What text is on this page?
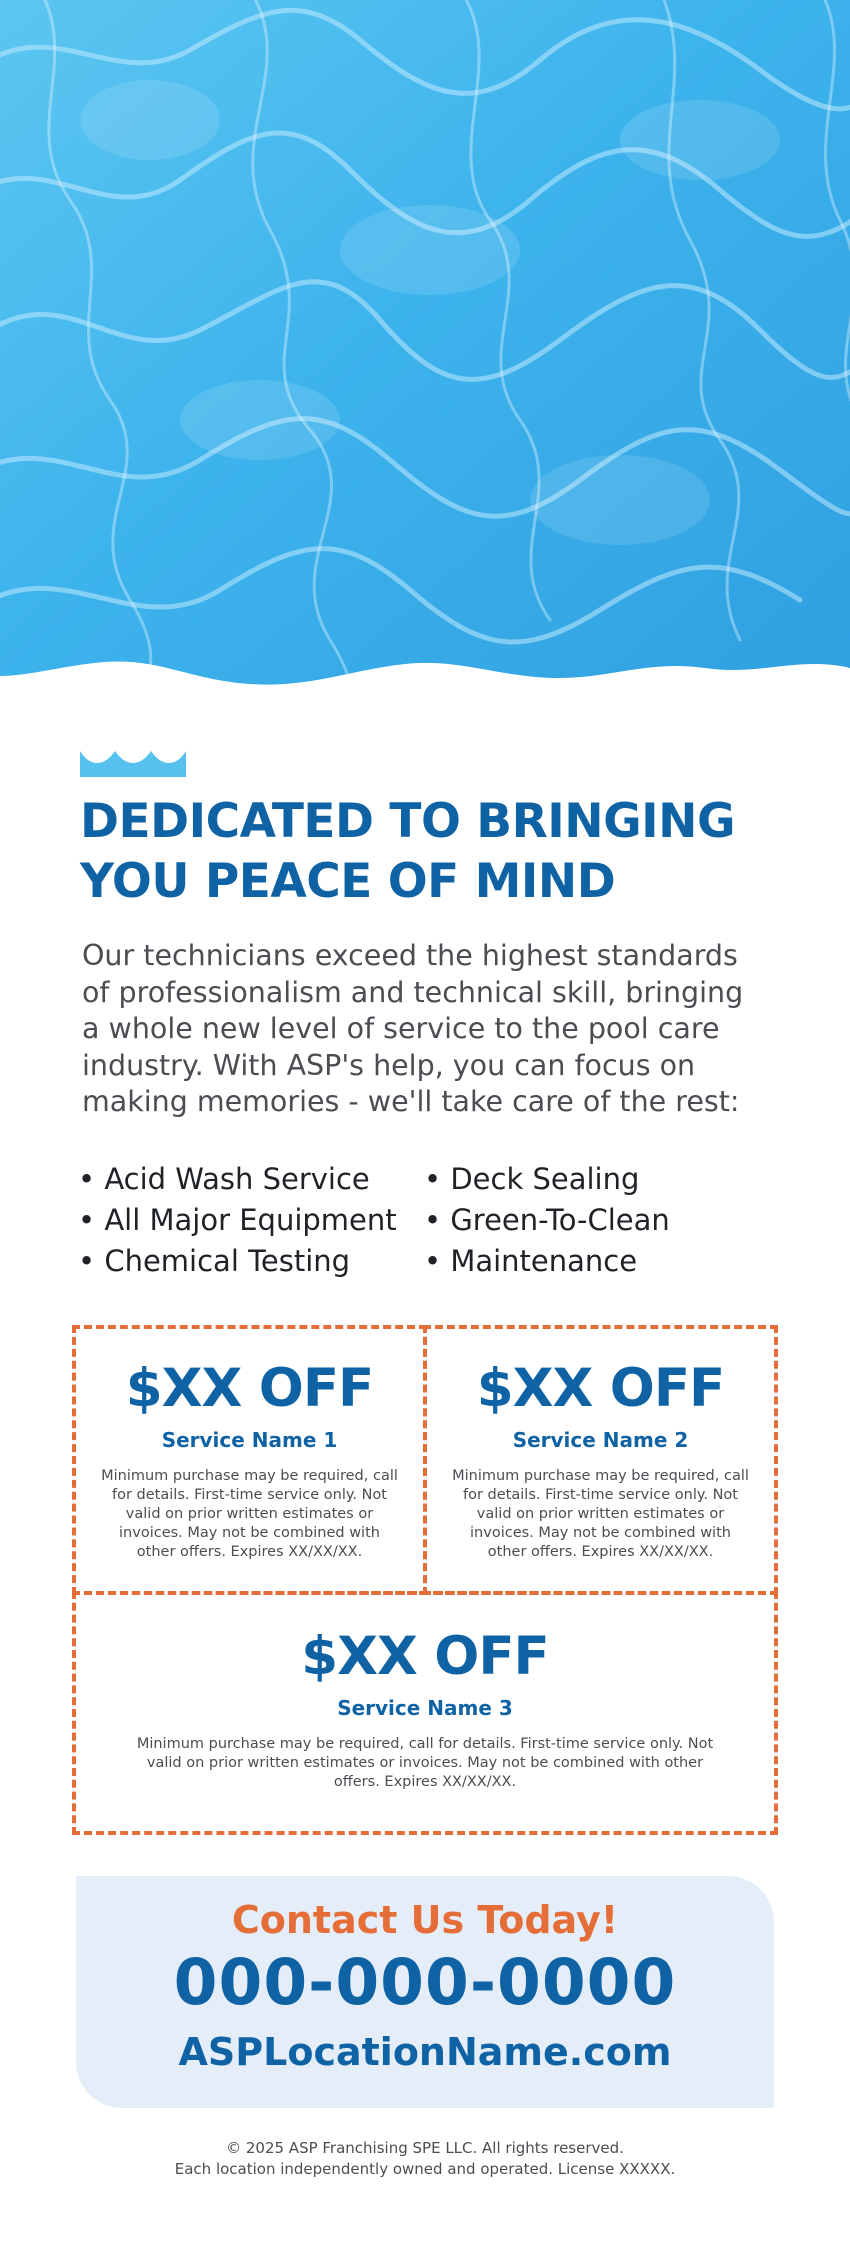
DEDICATED TO BRINGING
YOU PEACE OF MIND
Our technicians exceed the highest standards
of professionalism and technical skill, bringing
a whole new level of service to the pool care
industry. With ASP's help, you can focus on
making memories - we'll take care of the rest:
• Acid Wash Service	• Deck Sealing
• All Major Equipment • Green-To-Clean
• Chemical Testing	• Maintenance
$XX OFF
Service Name 1
Minimum purchase may be required, call for details. First-time service only. Not valid on prior written estimates or invoices. May not be combined with other offers. Expires XX/XX/XX.
$XX OFF
Service Name 2
Minimum purchase may be required, call for details. First-time service only. Not valid on prior written estimates or invoices. May not be combined with other offers. Expires XX/XX/XX.
$XX OFF
Service Name 3
Minimum purchase may be required, call for details. First-time service only. Not valid on prior written estimates or invoices. May not be combined with other offers. Expires XX/XX/XX.
Contact Us Today!
000-000-0000
ASPLocationName.com
© 2025 ASP Franchising SPE LLC. All rights reserved.
Each location independently owned and operated. License XXXXX.
